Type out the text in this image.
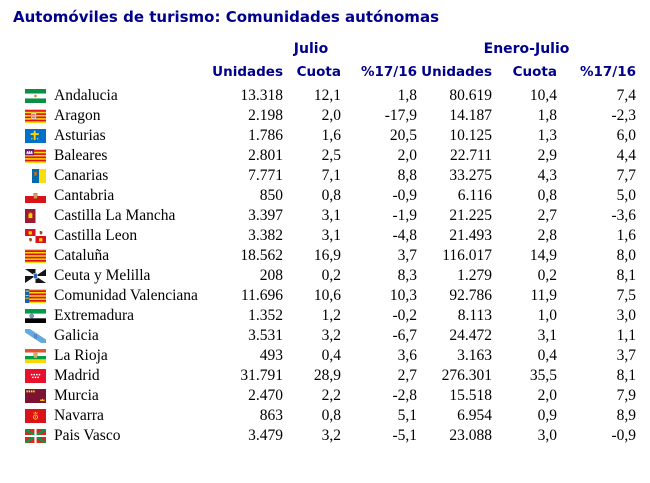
Automóviles de turismo: Comunidades autónomas
	Julio			Enero-Julio		
	Unidades	Cuota	%17/16	Unidades	Cuota	%17/16

Andalucia	13.318	12,1	1,8	80.619	10,4	7,4

Aragon	2.198	2,0	-17,9	14.187	1,8	-2,3

Asturias	1.786	1,6	20,5	10.125	1,3	6,0

Baleares	2.801	2,5	2,0	22.711	2,9	4,4

Canarias	7.771	7,1	8,8	33.275	4,3	7,7

Cantabria	850	0,8	-0,9	6.116	0,8	5,0

Castilla La Mancha	3.397	3,1	-1,9	21.225	2,7	-3,6

Castilla Leon	3.382	3,1	-4,8	21.493	2,8	1,6

Cataluña	18.562	16,9	3,7	116.017	14,9	8,0

Ceuta y Melilla	208	0,2	8,3	1.279	0,2	8,1

Comunidad Valenciana	11.696	10,6	10,3	92.786	11,9	7,5

Extremadura	1.352	1,2	-0,2	8.113	1,0	3,0

Galicia	3.531	3,2	-6,7	24.472	3,1	1,1

La Rioja	493	0,4	3,6	3.163	0,4	3,7

Madrid	31.791	28,9	2,7	276.301	35,5	8,1

Murcia	2.470	2,2	-2,8	15.518	2,0	7,9

Navarra	863	0,8	5,1	6.954	0,9	8,9

Pais Vasco	3.479	3,2	-5,1	23.088	3,0	-0,9
